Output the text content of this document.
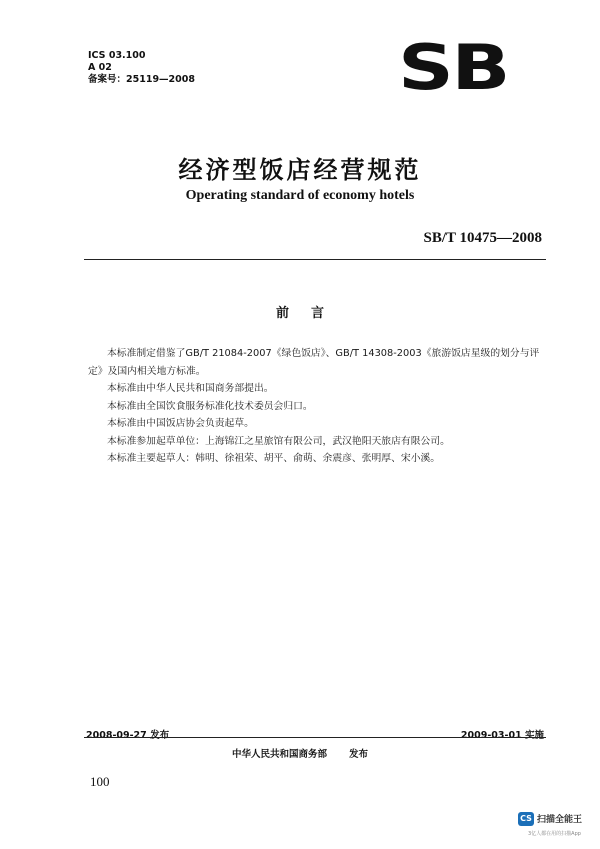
ICS 03.100
A 02
备案号：25119—2008	SB
经济型饭店经营规范
Operating standard of economy hotels
SB/T 10475—2008
前言

本标准制定借鉴了GB/T 21084-2007《绿色饭店》、GB/T 14308-2003《旅游饭店星级的划分与评定》及国内相关地方标准。

本标准由中华人民共和国商务部提出。

本标准由全国饮食服务标准化技术委员会归口。

本标准由中国饭店协会负责起草。

本标准参加起草单位：上海锦江之星旅馆有限公司，武汉艳阳天旅店有限公司。

本标准主要起草人：韩明、徐祖荣、胡平、俞萌、余震彦、张明厚、宋小溪。

2008-09-27 发布	2009-03-01 实施
中华人民共和国商务部 发布
100
CS 扫描全能王
3亿人都在用的扫描App
